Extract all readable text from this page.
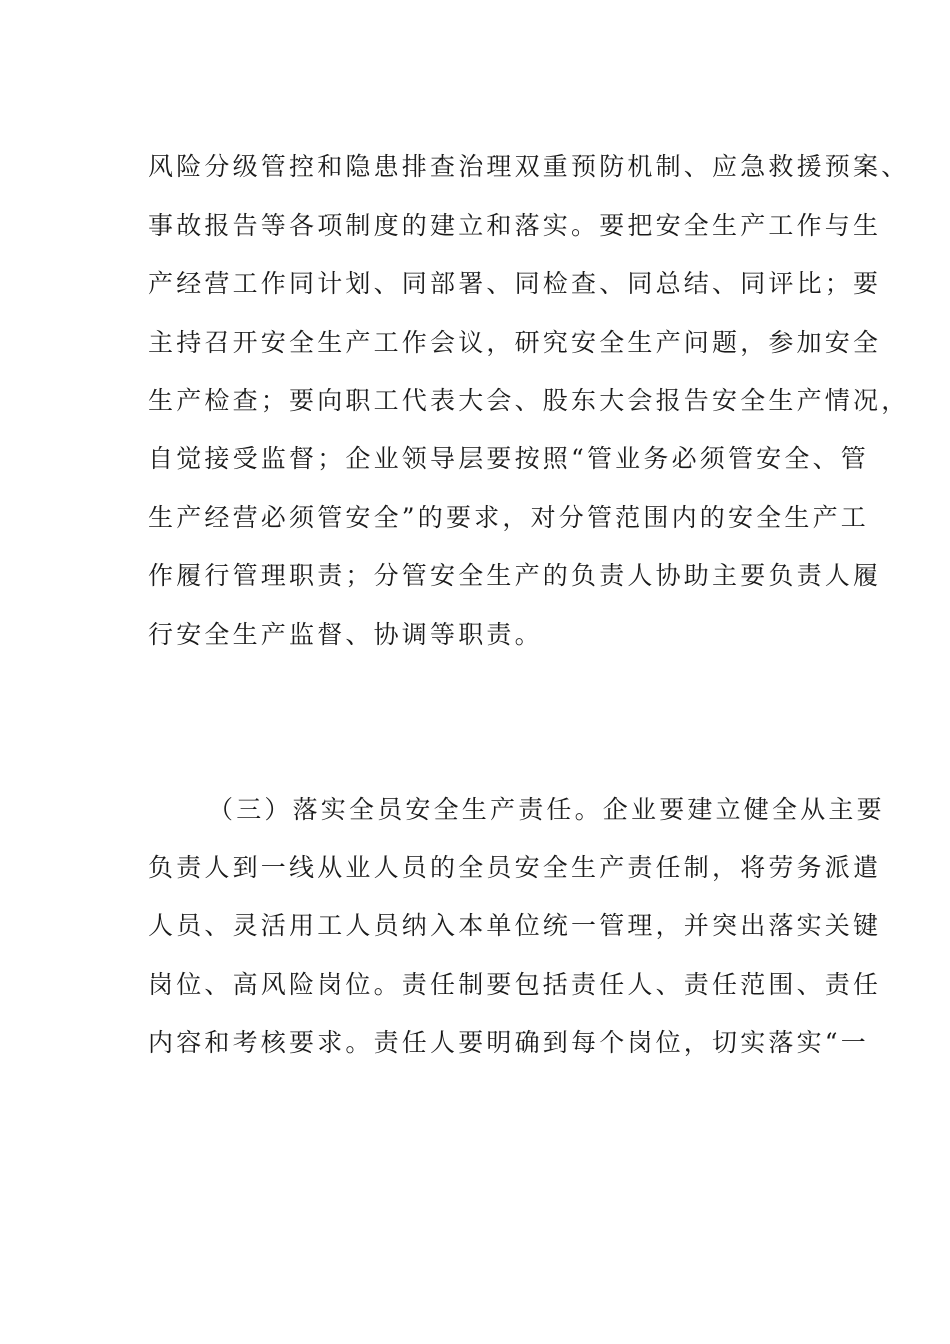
风险分级管控和隐患排查治理双重预防机制、应急救援预案、
事故报告等各项制度的建立和落实。要把安全生产工作与生
产经营工作同计划、同部署、同检查、同总结、同评比；要
主持召开安全生产工作会议，研究安全生产问题，参加安全
生产检查；要向职工代表大会、股东大会报告安全生产情况，
自觉接受监督；企业领导层要按照“管业务必须管安全、管
生产经营必须管安全”的要求，对分管范围内的安全生产工
作履行管理职责；分管安全生产的负责人协助主要负责人履
行安全生产监督、协调等职责。
（三）落实全员安全生产责任。企业要建立健全从主要
负责人到一线从业人员的全员安全生产责任制，将劳务派遣
人员、灵活用工人员纳入本单位统一管理，并突出落实关键
岗位、高风险岗位。责任制要包括责任人、责任范围、责任
内容和考核要求。责任人要明确到每个岗位，切实落实“一
